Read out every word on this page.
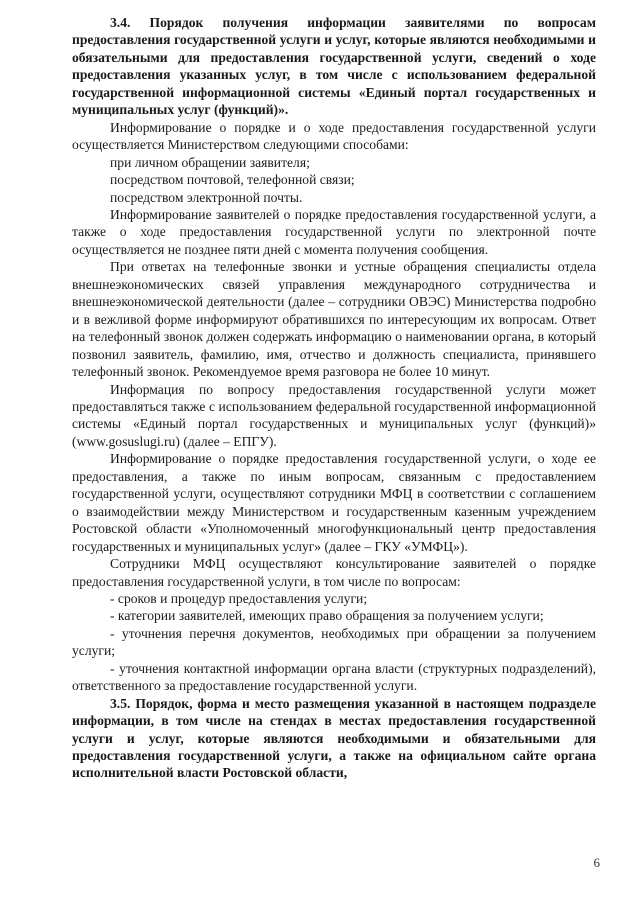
3.4. Порядок получения информации заявителями по вопросам предоставления государственной услуги и услуг, которые являются необходимыми и обязательными для предоставления государственной услуги, сведений о ходе предоставления указанных услуг, в том числе с использованием федеральной государственной информационной системы «Единый портал государственных и муниципальных услуг (функций)».

Информирование о порядке и о ходе предоставления государственной услуги осуществляется Министерством следующими способами:

при личном обращении заявителя;

посредством почтовой, телефонной связи;

посредством электронной почты.

Информирование заявителей о порядке предоставления государственной услуги, а также о ходе предоставления государственной услуги по электронной почте осуществляется не позднее пяти дней с момента получения сообщения.

При ответах на телефонные звонки и устные обращения специалисты отдела внешнеэкономических связей управления международного сотрудничества и внешнеэкономической деятельности (далее – сотрудники ОВЭС) Министерства подробно и в вежливой форме информируют обратившихся по интересующим их вопросам. Ответ на телефонный звонок должен содержать информацию о наименовании органа, в который позвонил заявитель, фамилию, имя, отчество и должность специалиста, принявшего телефонный звонок. Рекомендуемое время разговора не более 10 минут.

Информация по вопросу предоставления государственной услуги может предоставляться также с использованием федеральной государственной информационной системы «Единый портал государственных и муниципальных услуг (функций)» (www.gosuslugi.ru) (далее – ЕПГУ).

Информирование о порядке предоставления государственной услуги, о ходе ее предоставления, а также по иным вопросам, связанным с предоставлением государственной услуги, осуществляют сотрудники МФЦ в соответствии с соглашением о взаимодействии между Министерством и государственным казенным учреждением Ростовской области «Уполномоченный многофункциональный центр предоставления государственных и муниципальных услуг» (далее – ГКУ «УМФЦ»).

Сотрудники МФЦ осуществляют консультирование заявителей о порядке предоставления государственной услуги, в том числе по вопросам:

- сроков и процедур предоставления услуги;

- категории заявителей, имеющих право обращения за получением услуги;

- уточнения перечня документов, необходимых при обращении за получением услуги;

- уточнения контактной информации органа власти (структурных подразделений), ответственного за предоставление государственной услуги.

3.5. Порядок, форма и место размещения указанной в настоящем подразделе информации, в том числе на стендах в местах предоставления государственной услуги и услуг, которые являются необходимыми и обязательными для предоставления государственной услуги, а также на официальном сайте органа исполнительной власти Ростовской области,

6
